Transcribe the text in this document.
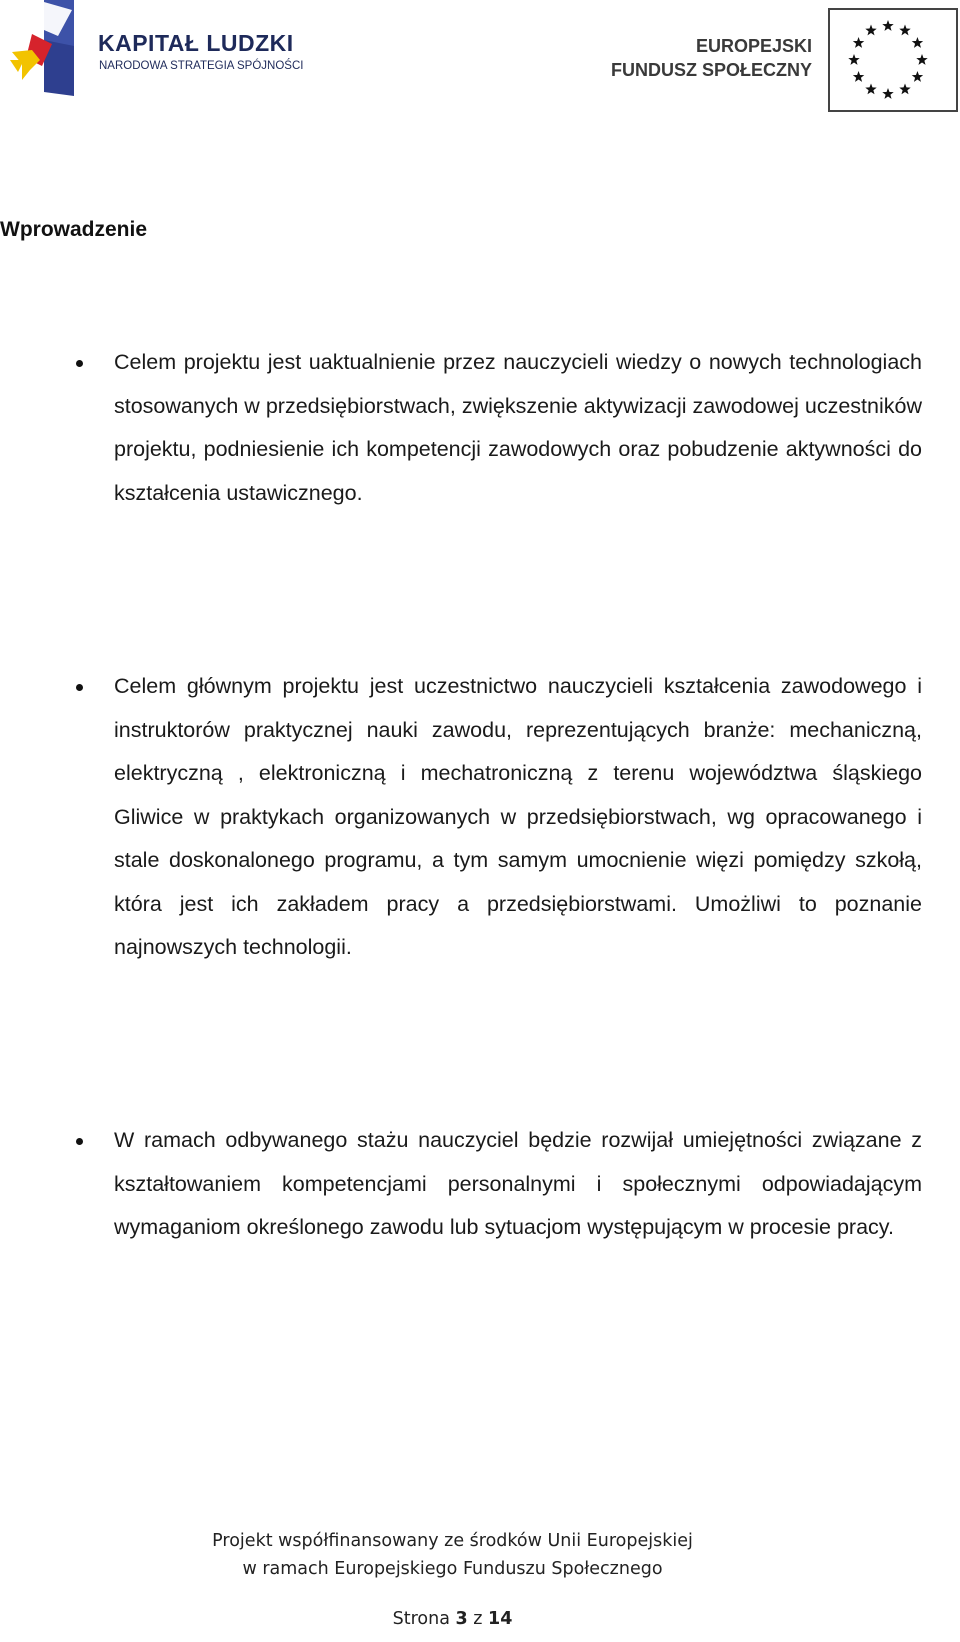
KAPITAŁ LUDZKI
NARODOWA STRATEGIA SPÓJNOŚCI
EUROPEJSKI
FUNDUSZ SPOŁECZNY
Wprowadzenie

Celem projektu jest uaktualnienie przez nauczycieli wiedzy o nowych technologiach stosowanych w przedsiębiorstwach, zwiększenie aktywizacji zawodowej uczestników projektu, podniesienie ich kompetencji zawodowych oraz pobudzenie aktywności do kształcenia ustawicznego.

Celem głównym projektu jest uczestnictwo nauczycieli kształcenia zawodowego i instruktorów praktycznej nauki zawodu, reprezentujących branże: mechaniczną, elektryczną , elektroniczną i mechatroniczną z terenu województwa śląskiego Gliwice w praktykach organizowanych w przedsiębiorstwach, wg opracowanego i stale doskonalonego programu, a tym samym umocnienie więzi pomiędzy szkołą, która jest ich zakładem pracy a przedsiębiorstwami. Umożliwi to poznanie najnowszych technologii.

W ramach odbywanego stażu nauczyciel będzie rozwijał umiejętności związane z kształtowaniem kompetencjami personalnymi i społecznymi odpowiadającym wymaganiom określonego zawodu lub sytuacjom występującym w procesie pracy.

Projekt współfinansowany ze środków Unii Europejskiej
w ramach Europejskiego Funduszu Społecznego
Strona 3 z 14
